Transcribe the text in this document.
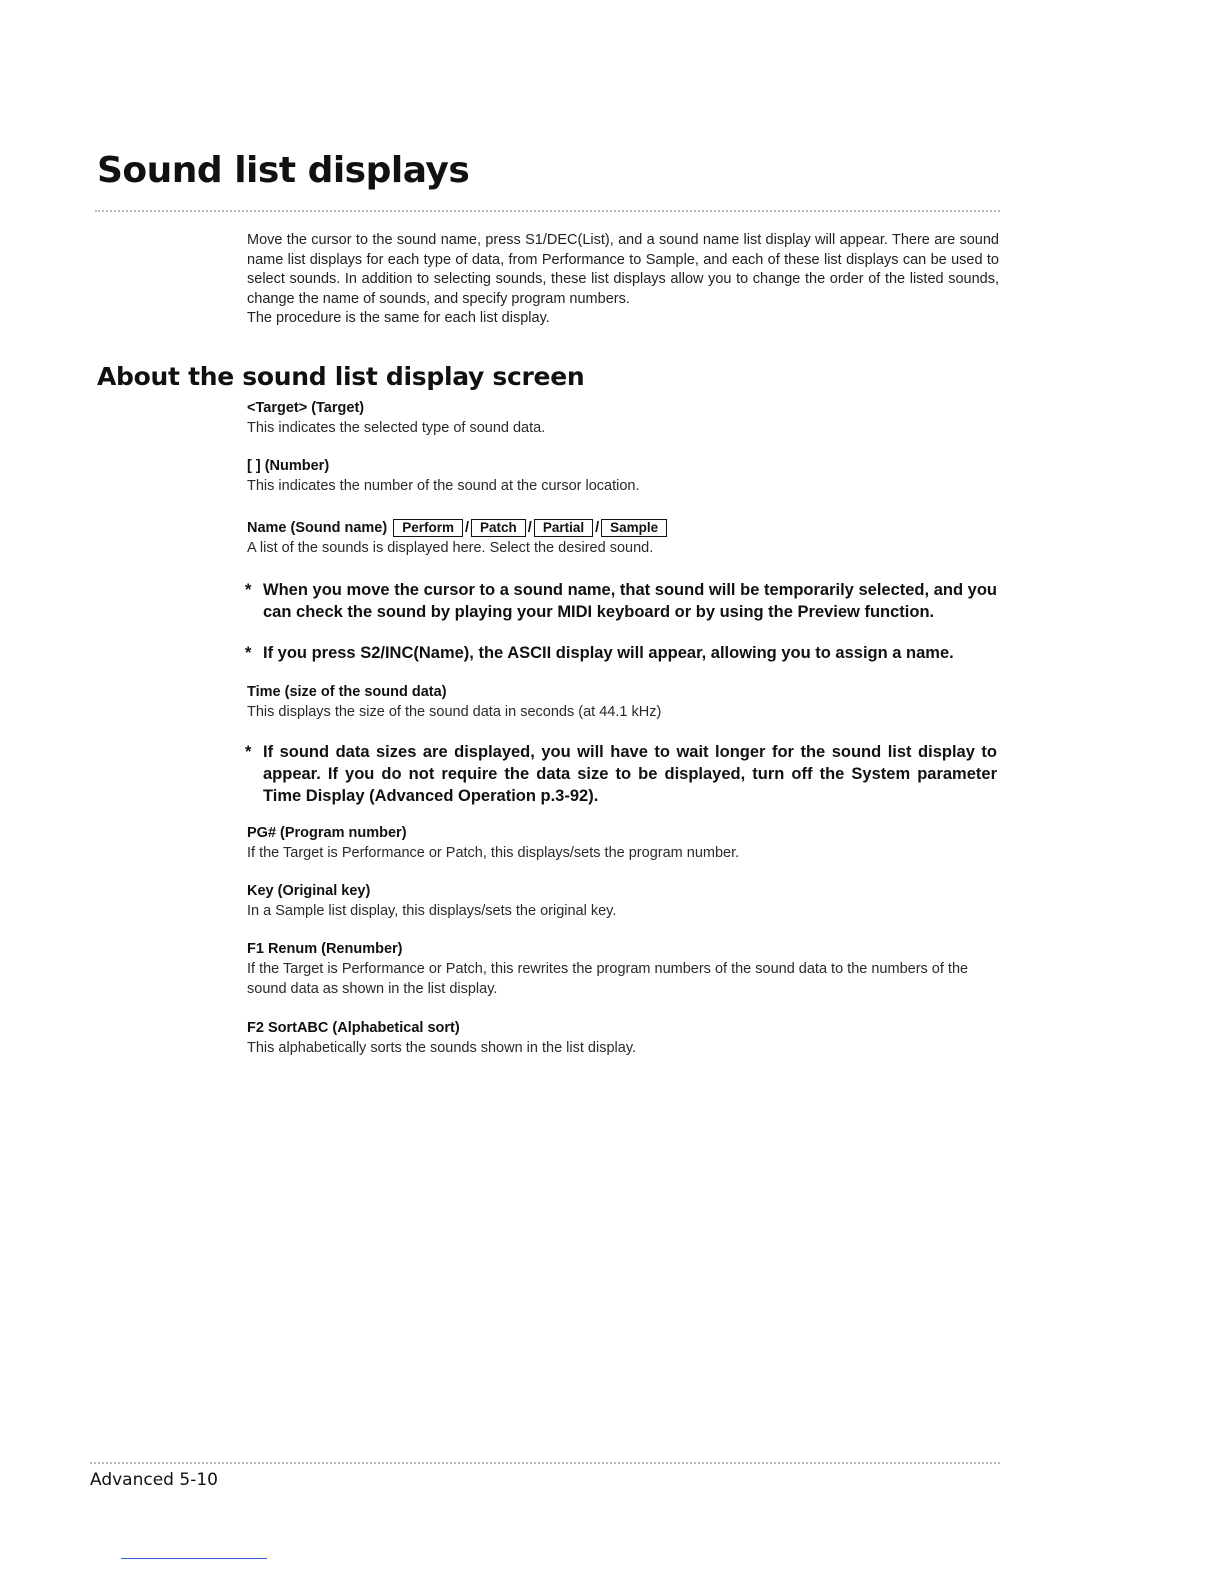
Sound list displays

Move the cursor to the sound name, press S1/DEC(List), and a sound name list display will appear. There are sound name list displays for each type of data, from Performance to Sample, and each of these list displays can be used to select sounds. In addition to selecting sounds, these list displays allow you to change the order of the listed sounds, change the name of sounds, and specify program numbers.

The procedure is the same for each list display.

About the sound list display screen
<Target> (Target)
This indicates the selected type of sound data.
[ ] (Number)
This indicates the number of the sound at the cursor location.
Name (Sound name) Perform / Patch / Partial / Sample
A list of the sounds is displayed here. Select the desired sound.
* When you move the cursor to a sound name, that sound will be temporarily selected, and you can check the sound by playing your MIDI keyboard or by using the Preview function.
* If you press S2/INC(Name), the ASCII display will appear, allowing you to assign a name.
Time (size of the sound data)
This displays the size of the sound data in seconds (at 44.1 kHz)
* If sound data sizes are displayed, you will have to wait longer for the sound list display to appear. If you do not require the data size to be displayed, turn off the System parameter Time Display (Advanced Operation p.3-92).
PG# (Program number)
If the Target is Performance or Patch, this displays/sets the program number.
Key (Original key)
In a Sample list display, this displays/sets the original key.
F1 Renum (Renumber)
If the Target is Performance or Patch, this rewrites the program numbers of the sound data to the numbers of the sound data as shown in the list display.
F2 SortABC (Alphabetical sort)
This alphabetically sorts the sounds shown in the list display.
Advanced 5-10
